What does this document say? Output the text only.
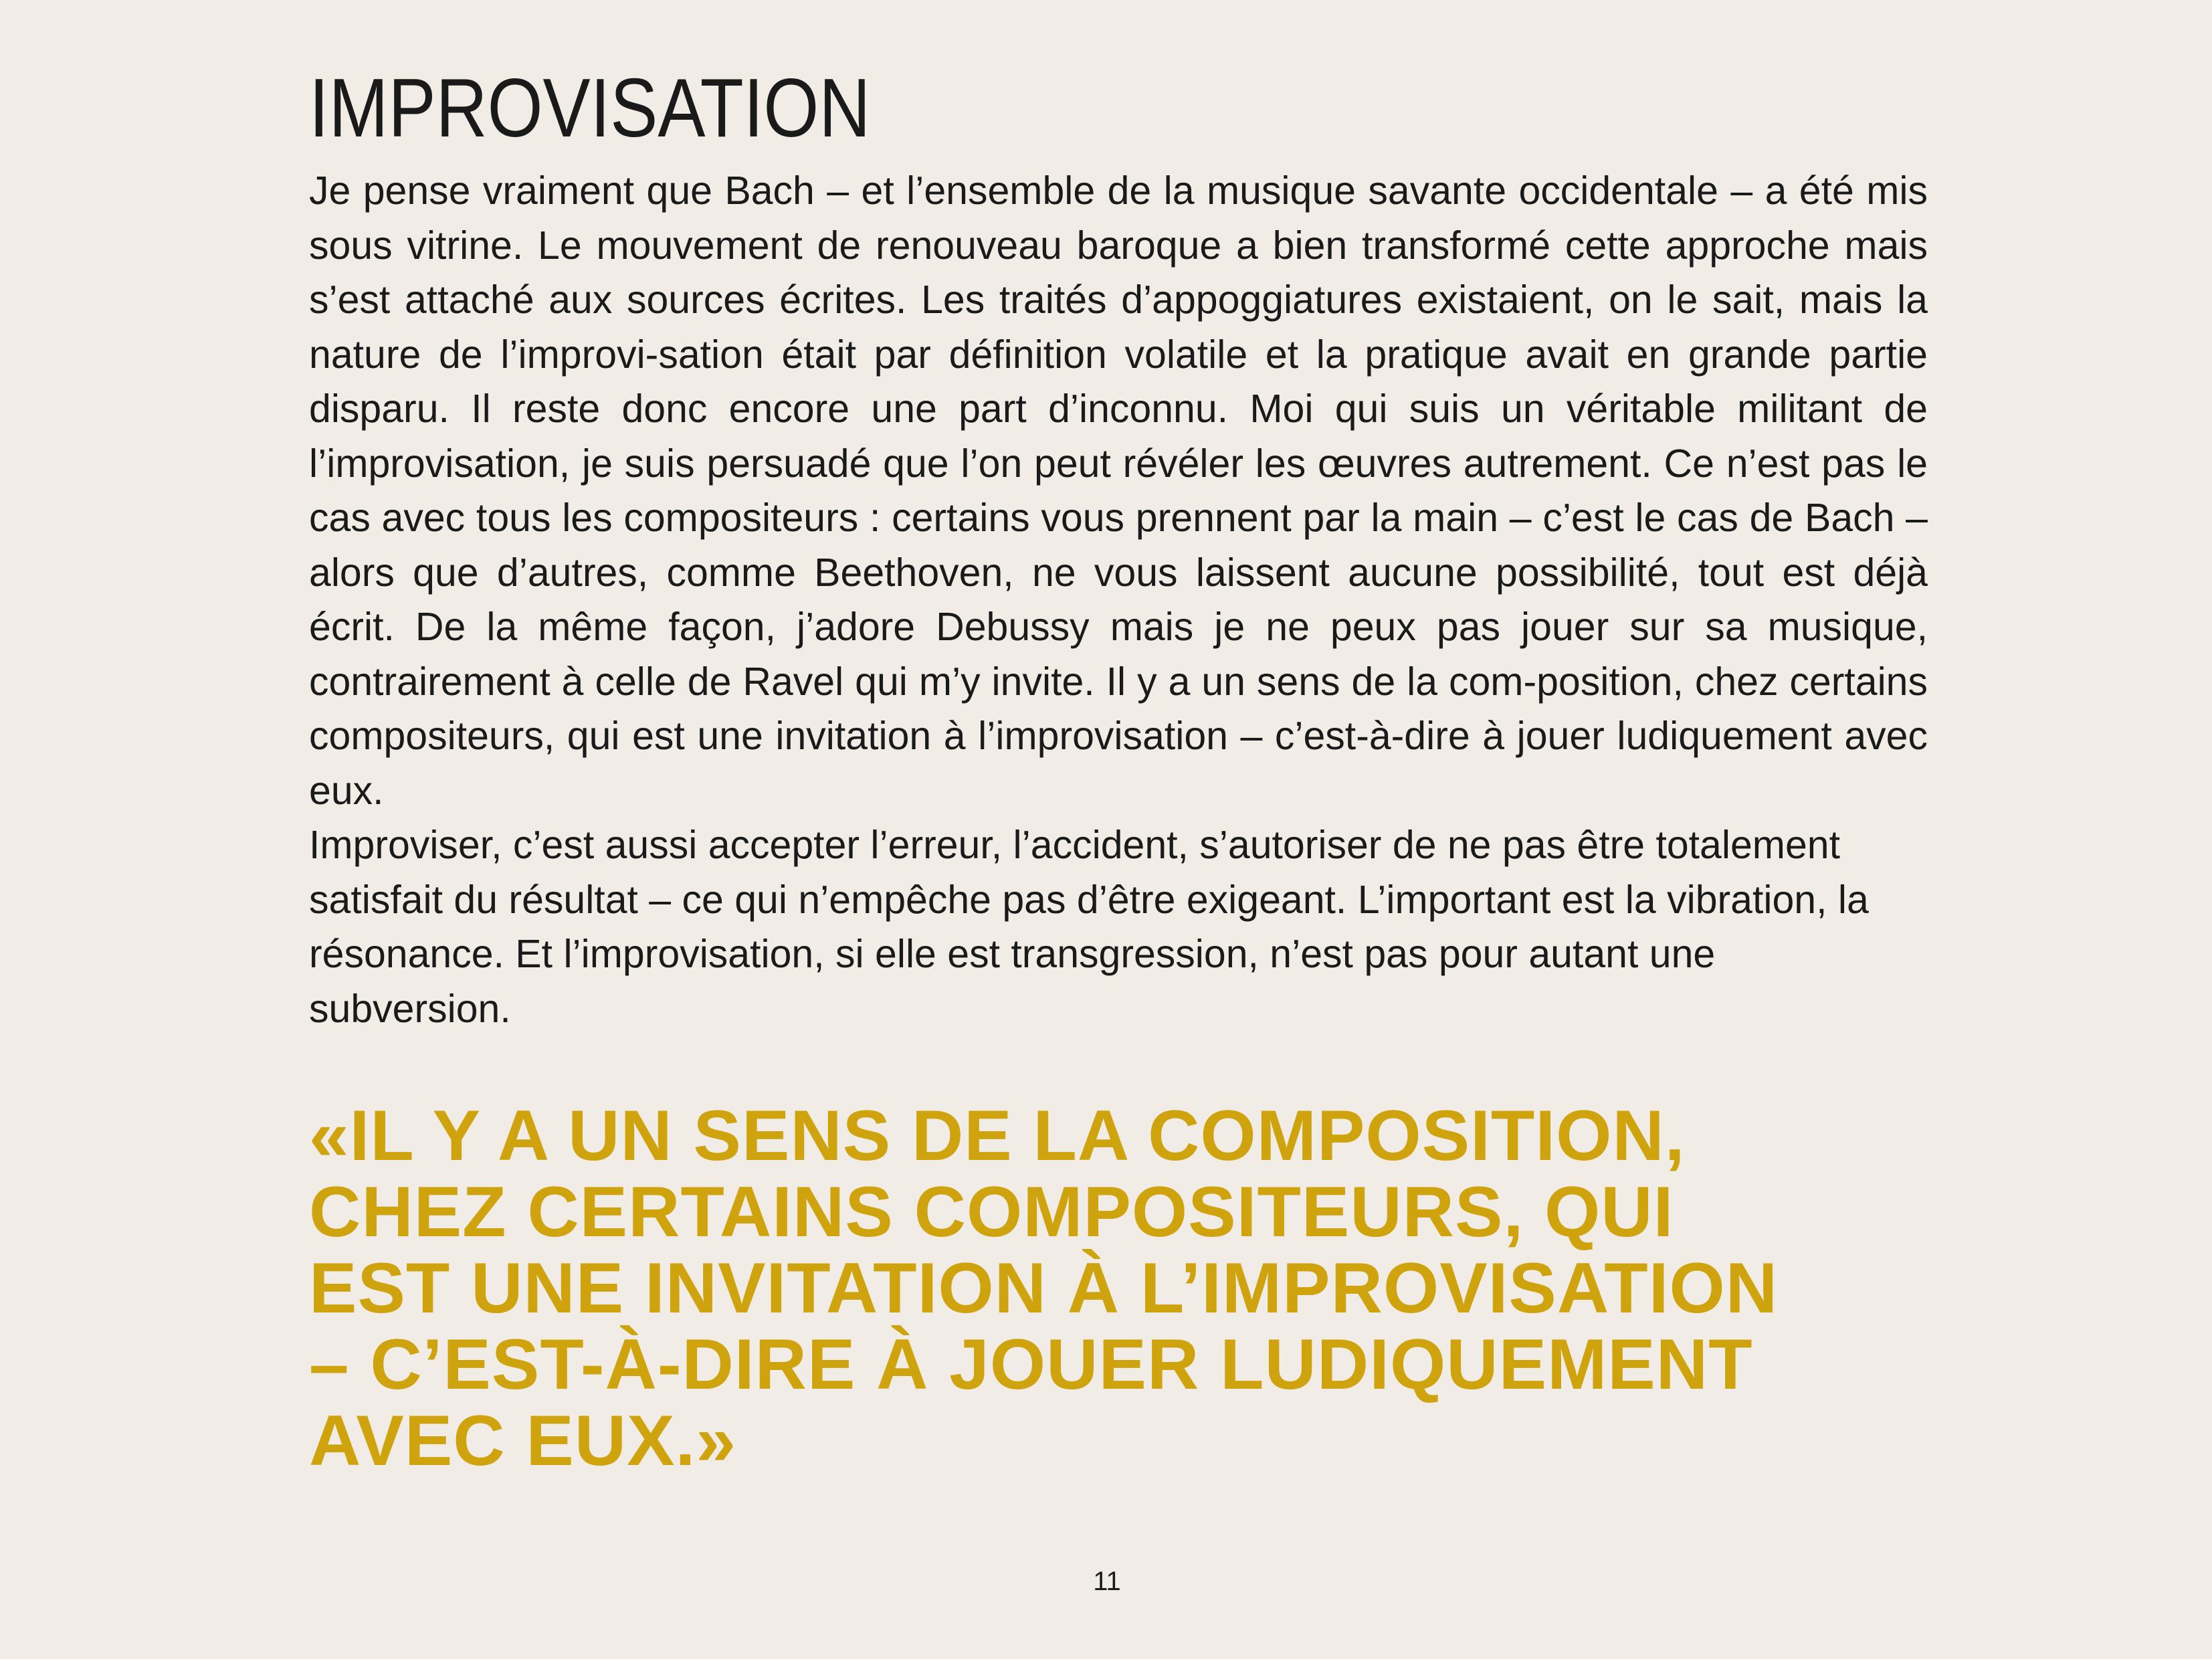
IMPROVISATION

Je pense vraiment que Bach – et l’ensemble de la musique savante occidentale – a été mis sous vitrine. Le mouvement de renouveau baroque a bien transformé cette approche mais s’est attaché aux sources écrites. Les traités d’appoggiatures existaient, on le sait, mais la nature de l’improvi-sation était par définition volatile et la pratique avait en grande partie disparu. Il reste donc encore une part d’inconnu. Moi qui suis un véritable militant de l’improvisation, je suis persuadé que l’on peut révéler les œuvres autrement. Ce n’est pas le cas avec tous les compositeurs : certains vous prennent par la main – c’est le cas de Bach – alors que d’autres, comme Beethoven, ne vous laissent aucune possibilité, tout est déjà écrit. De la même façon, j’adore Debussy mais je ne peux pas jouer sur sa musique, contrairement à celle de Ravel qui m’y invite. Il y a un sens de la com-position, chez certains compositeurs, qui est une invitation à l’improvisation – c’est-à-dire à jouer ludiquement avec eux.

Improviser, c’est aussi accepter l’erreur, l’accident, s’autoriser de ne pas être totalement satisfait du résultat – ce qui n’empêche pas d’être exigeant. L’important est la vibration, la résonance. Et l’improvisation, si elle est transgression, n’est pas pour autant une subversion.

«IL Y A UN SENS DE LA COMPOSITION,
CHEZ CERTAINS COMPOSITEURS, QUI
EST UNE INVITATION À L’IMPROVISATION
– C’EST-À-DIRE À JOUER LUDIQUEMENT
AVEC EUX.»
11
